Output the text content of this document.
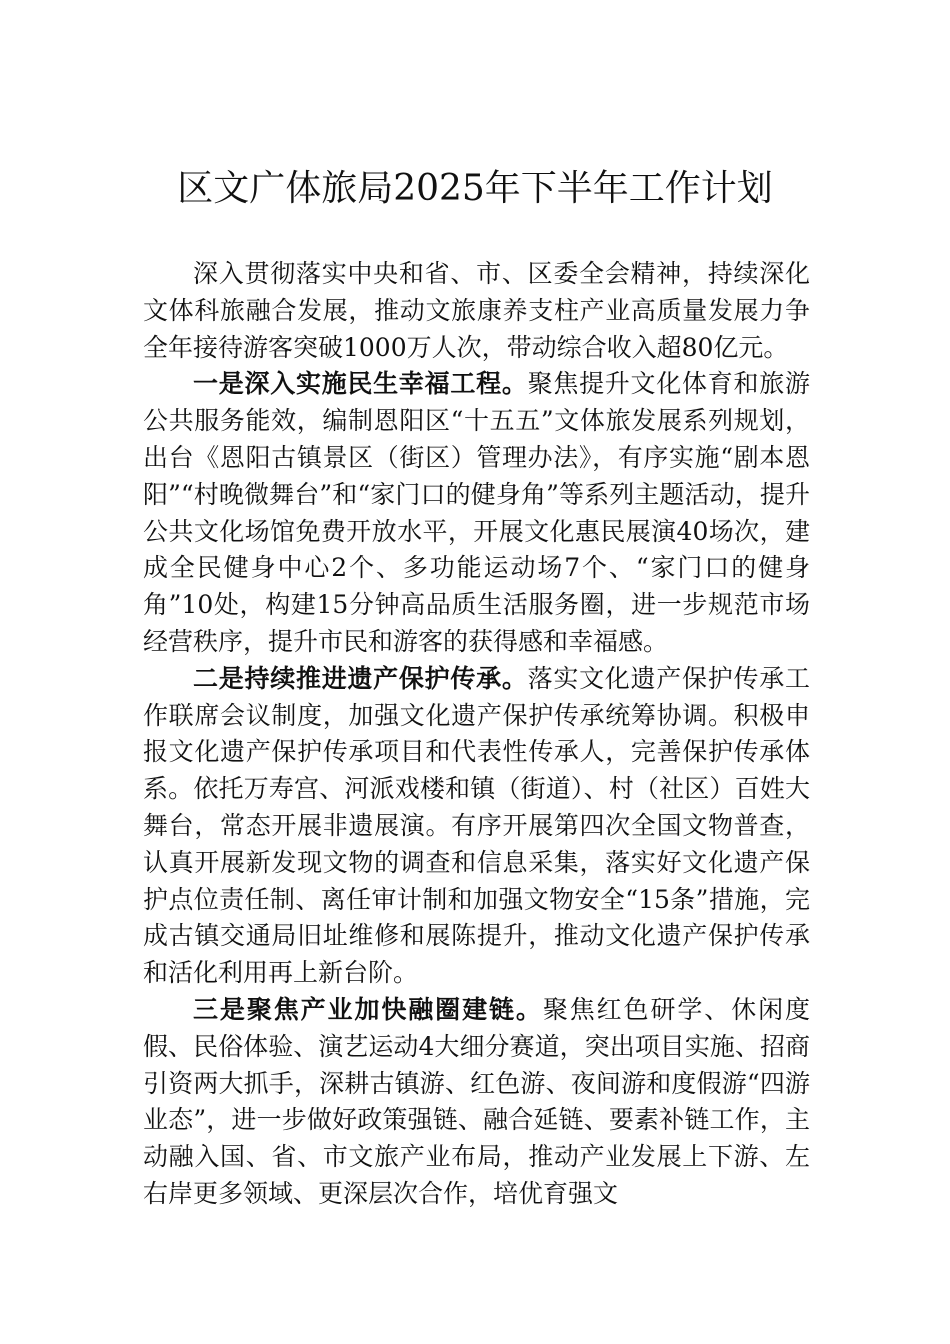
区文广体旅局2025年下半年工作计划

深入贯彻落实中央和省、市、区委全会精神，持续深化文体科旅融合发展，推动文旅康养支柱产业高质量发展力争全年接待游客突破1000万人次，带动综合收入超80亿元。

一是深入实施民生幸福工程。聚焦提升文化体育和旅游公共服务能效，编制恩阳区“十五五”文体旅发展系列规划，出台《恩阳古镇景区（街区）管理办法》，有序实施“剧本恩阳”“村晚微舞台”和“家门口的健身角”等系列主题活动，提升公共文化场馆免费开放水平，开展文化惠民展演40场次，建成全民健身中心2个、多功能运动场7个、“家门口的健身角”10处，构建15分钟高品质生活服务圈，进一步规范市场经营秩序，提升市民和游客的获得感和幸福感。

二是持续推进遗产保护传承。落实文化遗产保护传承工作联席会议制度，加强文化遗产保护传承统筹协调。积极申报文化遗产保护传承项目和代表性传承人，完善保护传承体系。依托万寿宫、河派戏楼和镇（街道）、村（社区）百姓大舞台，常态开展非遗展演。有序开展第四次全国文物普查，认真开展新发现文物的调查和信息采集，落实好文化遗产保护点位责任制、离任审计制和加强文物安全“15条”措施，完成古镇交通局旧址维修和展陈提升，推动文化遗产保护传承和活化利用再上新台阶。

三是聚焦产业加快融圈建链。聚焦红色研学、休闲度假、民俗体验、演艺运动4大细分赛道，突出项目实施、招商引资两大抓手，深耕古镇游、红色游、夜间游和度假游“四游业态”，进一步做好政策强链、融合延链、要素补链工作，主动融入国、省、市文旅产业布局，推动产业发展上下游、左右岸更多领域、更深层次合作，培优育强文
